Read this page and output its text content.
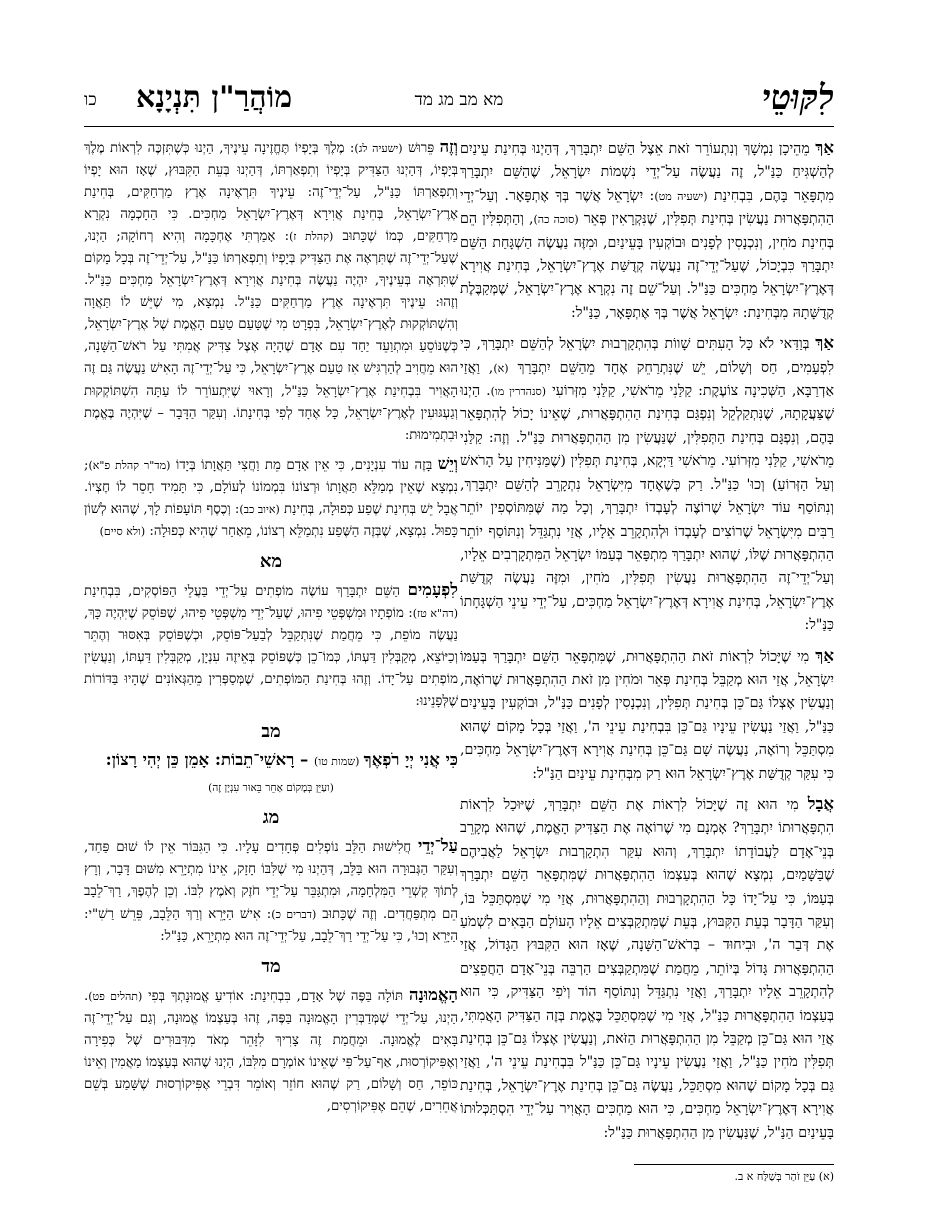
לִקּוּטֵי
מא מב מג מד
מוֹהֲרַ"ן תִּנְיָנָא
כו

אַךְ מֵהֵיכָן נִמְשָׁךְ וְנִתְעוֹרֵר זֹאת אֵצֶל הַשֵּׁם יִתְבָּרַךְ, דְּהַיְנוּ בְּחִינַת עֵינַיִם לְהַשְׁגִּיחַ כַּנַּ"ל, זֶה נַעֲשֶׂה עַל־יְדֵי נִשְׁמוֹת יִשְׂרָאֵל, שֶׁהַשֵּׁם יִתְבָּרַךְ מִתְפָּאֵר בָּהֶם, בִּבְחִינַת (ישעיה מט): יִשְׂרָאֵל אֲשֶׁר בְּךָ אֶתְפָּאָר. וְעַל־יְדֵי הַהִתְפָּאֲרוּת נַעֲשִׂין בְּחִינַת תְּפִלִּין, שֶׁנִּקְרָאִין פְּאֵר (סוכה כה), וְהַתְּפִלִּין הֵם בְּחִינַת מֹחִין, וְנִכְנָסִין לְפָנִים וּבוֹקְעִין בָּעֵינַיִם, וּמִזֶּה נַעֲשֶׂה הַשְׁגָּחַת הַשֵּׁם יִתְבָּרַךְ כִּבְיָכוֹל, שֶׁעַל־יְדֵי־זֶה נַעֲשֶׂה קְדֻשַּׁת אֶרֶץ־יִשְׂרָאֵל, בְּחִינַת אֲוִירָא דְּאֶרֶץ־יִשְׂרָאֵל מַחְכִּים כַּנַּ"ל. וְעַל־שֵׁם זֶה נִקְרָא אֶרֶץ־יִשְׂרָאֵל, שֶׁמְּקַבֶּלֶת קְדֻשָּׁתָהּ מִבְּחִינַת: יִשְׂרָאֵל אֲשֶׁר בְּךָ אֶתְפָּאָר, כַּנַּ"ל:

אַךְ בְּוַדַּאי לֹא כָּל הָעִתִּים שָׁווֹת בְּהִתְקָרְבוּת יִשְׂרָאֵל לְהַשֵּׁם יִתְבָּרַךְ, כִּי לִפְעָמִים, חַס וְשָׁלוֹם, יֵשׁ שֶׁנִּתְרַחֵק אֶחָד מֵהַשֵּׁם יִתְבָּרַךְ (א), וַאֲזַי אַדְרַבָּא, הַשְּׁכִינָה צוֹעֶקֶת: קַלַּנִי מֵרֹאשִׁי, קַלַּנִי מִזְּרוֹעִי (סנהדרין מו). הַיְנוּ שֶׁצַּעֲקָתָהּ, שֶׁנִּתְקַלְקֵל וְנִפְגַּם בְּחִינַת הַהִתְפָּאֲרוּת, שֶׁאֵינוֹ יָכוֹל לְהִתְפָּאֵר בָּהֶם, וְנִפְגָּם בְּחִינַת הַתְּפִלִּין, שֶׁנַּעֲשִׂין מִן הַהִתְפָּאֲרוּת כַּנַּ"ל. וְזֶה: קַלַּנִי מֵרֹאשִׁי, קַלַּנִי מִזְּרוֹעִי. מֵרֹאשִׁי דַּיְקָא, בְּחִינַת תְּפִלִּין (שֶׁמַּנִּיחִין עַל הָרֹאשׁ וְעַל הַזְּרוֹעַ) וְכוּ' כַּנַּ"ל. רַק כְּשֶׁאֶחָד מִיִּשְׂרָאֵל נִתְקָרֵב לְהַשֵּׁם יִתְבָּרַךְ, וְנִתּוֹסַף עוֹד יִשְׂרָאֵל שֶׁרוֹצֶה לְעָבְדוֹ יִתְבָּרַךְ, וְכָל מַה שֶּׁמִּתּוֹסְפִין יוֹתֵר רַבִּים מִיִּשְׂרָאֵל שֶׁרוֹצִים לְעָבְדוֹ וּלְהִתְקָרֵב אֵלָיו, אֲזַי נִתְגַּדֵּל וְנִתּוֹסַף יוֹתֵר הַהִתְפָּאֲרוּת שֶׁלּוֹ, שֶׁהוּא יִתְבָּרַךְ מִתְפָּאֵר בְּעַמּוֹ יִשְׂרָאֵל הַמִּתְקָרְבִים אֵלָיו, וְעַל־יְדֵי־זֶה הַהִתְפָּאֲרוּת נַעֲשִׂין תְּפִלִּין, מֹחִין, וּמִזֶּה נַעֲשֶׂה קְדֻשַּׁת אֶרֶץ־יִשְׂרָאֵל, בְּחִינַת אֲוִירָא דְּאֶרֶץ־יִשְׂרָאֵל מַחְכִּים, עַל־יְדֵי עֵינֵי הַשְׁגָּחָתוֹ כַּנַּ"ל:

אַךְ מִי שֶׁיָּכוֹל לִרְאוֹת זֹאת הַהִתְפָּאֲרוּת, שֶׁמִּתְפָּאֵר הַשֵּׁם יִתְבָּרַךְ בְּעַמּוֹ יִשְׂרָאֵל, אֲזַי הוּא מְקַבֵּל בְּחִינַת פְּאֵר וּמֹחִין מִן זֹאת הַהִתְפָּאֲרוּת שֶׁרוֹאֶה, וְנַעֲשִׂין אֶצְלוֹ גַּם־כֵּן בְּחִינַת תְּפִלִּין, וְנִכְנָסִין לְפָנִים כַּנַּ"ל, וּבוֹקְעִין בָּעֵינַיִם כַּנַּ"ל, וַאֲזַי נַעֲשִׂין עֵינָיו גַּם־כֵּן בִּבְחִינַת עֵינֵי ה', וַאֲזַי בְּכָל מָקוֹם שֶׁהוּא מִסְתַּכֵּל וְרוֹאֶה, נַעֲשֶׂה שָׁם גַּם־כֵּן בְּחִינַת אֲוִירָא דְּאֶרֶץ־יִשְׂרָאֵל מַחְכִּים, כִּי עִקַּר קְדֻשַּׁת אֶרֶץ־יִשְׂרָאֵל הוּא רַק מִבְּחִינַת עֵינַיִם הַנַּ"ל:

אֲבָל מִי הוּא זֶה שֶׁיָּכוֹל לִרְאוֹת אֶת הַשֵּׁם יִתְבָּרַךְ, שֶׁיּוּכַל לִרְאוֹת הִתְפָּאֲרוּתוֹ יִתְבָּרַךְ? אָמְנָם מִי שֶׁרוֹאֶה אֶת הַצַּדִּיק הָאֱמֶת, שֶׁהוּא מְקָרֵב בְּנֵי־אָדָם לַעֲבוֹדָתוֹ יִתְבָּרַךְ, וְהוּא עִקַּר הִתְקָרְבוּת יִשְׂרָאֵל לַאֲבִיהֶם שֶׁבַּשָּׁמַיִם, נִמְצָא שֶׁהוּא בְּעַצְמוֹ הַהִתְפָּאֲרוּת שֶׁמִּתְפָּאֵר הַשֵּׁם יִתְבָּרַךְ בְּעַמּוֹ, כִּי עַל־יָדוֹ כָּל הַהִתְקָרְבוּת וְהַהִתְפָּאֲרוּת, אֲזַי מִי שֶׁמִּסְתַּכֵּל בּוֹ, וְעִקַּר הַדָּבָר בְּעֵת הַקִּבּוּץ, בְּעֵת שֶׁמִּתְקַבְּצִים אֵלָיו הָעוֹלָם הַבָּאִים לִשְׁמֹעַ אֶת דְּבַר ה', וּבִיחוּד – בְּרֹאשׁ־הַשָּׁנָה, שֶׁאָז הוּא הַקִּבּוּץ הַגָּדוֹל, אֲזַי הַהִתְפָּאֲרוּת גָּדוֹל בְּיוֹתֵר, מֵחֲמַת שֶׁמִּתְקַבְּצִים הַרְבֵּה בְּנֵי־אָדָם הַחֲפֵצִים לְהִתְקָרֵב אֵלָיו יִתְבָּרַךְ, וַאֲזַי נִתְגַּדֵּל וְנִתּוֹסַף הוֹד וְיֹפִי הַצַּדִּיק, כִּי הוּא בְּעַצְמוֹ הַהִתְפָּאֲרוּת כַּנַּ"ל, אֲזַי מִי שֶׁמִּסְתַּכֵּל בֶּאֱמֶת בְּזֶה הַצַּדִּיק הָאֲמִתִּי, אֲזַי הוּא גַּם־כֵּן מְקַבֵּל מִן הַהִתְפָּאֲרוּת הַזֹּאת, וְנַעֲשִׂין אֶצְלוֹ גַּם־כֵּן בְּחִינַת תְּפִלִּין מֹחִין כַּנַּ"ל, וַאֲזַי נַעֲשִׂין עֵינָיו גַּם־כֵּן כַּנַּ"ל בִּבְחִינַת עֵינֵי ה', וַאֲזַי גַּם בְּכָל מָקוֹם שֶׁהוּא מִסְתַּכֵּל, נַעֲשֶׂה גַּם־כֵּן בְּחִינַת אֶרֶץ־יִשְׂרָאֵל, בְּחִינַת אֲוִירָא דְּאֶרֶץ־יִשְׂרָאֵל מַחְכִּים, כִּי הוּא מַחְכִּים הָאֲוִיר עַל־יְדֵי הִסְתַּכְּלוּתוֹ בָּעֵינַיִם הַנַּ"ל, שֶׁנַּעֲשִׂין מִן הַהִתְפָּאֲרוּת כַּנַּ"ל:

וְזֶה פֵּרוּשׁ (ישעיה לג): מֶלֶךְ בְּיָפְיוֹ תֶּחֱזֶינָה עֵינֶיךָ, הַיְנוּ כְּשֶׁתִּזְכֶּה לִרְאוֹת מֶלֶךְ בְּיָפְיוֹ, דְּהַיְנוּ הַצַּדִּיק בְּיָפְיוֹ וְתִפְאַרְתּוֹ, דְּהַיְנוּ בְּעֵת הַקִּבּוּץ, שֶׁאָז הוּא יָפְיוֹ וְתִפְאַרְתּוֹ כַּנַּ"ל, עַל־יְדֵי־זֶה: עֵינֶיךָ תִּרְאֶינָה אֶרֶץ מַרְחַקִּים, בְּחִינַת אֶרֶץ־יִשְׂרָאֵל, בְּחִינַת אֲוִירָא דְּאֶרֶץ־יִשְׂרָאֵל מַחְכִּים. כִּי הַחָכְמָה נִקְרָא מַרְחַקִּים, כְּמוֹ שֶׁכָּתוּב (קהלת ז): אָמַרְתִּי אֶחְכָּמָה וְהִיא רְחוֹקָה; הַיְנוּ, שֶׁעַל־יְדֵי־זֶה שֶׁתִּרְאֶה אֶת הַצַּדִּיק בְּיָפְיוֹ וְתִפְאַרְתּוֹ כַּנַּ"ל, עַל־יְדֵי־זֶה בְּכָל מָקוֹם שֶׁתִּרְאֶה בְּעֵינֶיךָ, יִהְיֶה נַעֲשֶׂה בְּחִינַת אֲוִירָא דְּאֶרֶץ־יִשְׂרָאֵל מַחְכִּים כַּנַּ"ל. וְזֶהוּ: עֵינֶיךָ תִּרְאֶינָה אֶרֶץ מַרְחַקִּים כַּנַּ"ל. נִמְצָא, מִי שֶׁיֵּשׁ לוֹ תַּאֲוָה וְהִשְׁתּוֹקְקוּת לְאֶרֶץ־יִשְׂרָאֵל, בִּפְרָט מִי שֶׁטָּעַם טַעַם הָאֱמֶת שֶׁל אֶרֶץ־יִשְׂרָאֵל, כְּשֶׁנּוֹסֵעַ וּמִתְוַעֵד יַחַד עִם אָדָם שֶׁהָיָה אֶצֶל צַדִּיק אֲמִתִּי עַל רֹאשׁ־הַשָּׁנָה, הוּא מֵחֲוִיב לְהַרְגִּישׁ אִז טַעַם אֶרֶץ־יִשְׂרָאֵל, כִּי עַל־יְדֵי־זֶה הָאִישׁ נַעֲשֶׂה גַּם זֶה הָאֲוִיר בִּבְחִינַת אֶרֶץ־יִשְׂרָאֵל כַּנַּ"ל, וְרָאוּי שֶׁיִּתְעוֹרֵר לוֹ עַתָּה הִשְׁתּוֹקְקוּת וְגַעְגּוּעִין לְאֶרֶץ־יִשְׂרָאֵל, כָּל אֶחָד לְפִי בְּחִינָתוֹ. וְעִקַּר הַדָּבָר – שֶׁיִּהְיֶה בֶּאֱמֶת וּבִתְמִימוּת:

וְיֵשׁ בָּזֶה עוֹד עִנְיָנִים, כִּי אֵין אָדָם מֵת וַחֲצִי תַּאֲוָתוֹ בְּיָדוֹ (מד"ר קהלת פ"א); נִמְצָא שֶׁאֵין מְמַלֵּא תַּאֲוָתוֹ וּרְצוֹנוֹ בִּמְמוֹנוֹ לְעוֹלָם, כִּי תָּמִיד חָסֵר לוֹ חֶצְיוֹ. אֲבָל יֵשׁ בְּחִינַת שֶׁפַע כְּפוּלָה, בְּחִינַת (איוב כב): וְכֶסֶף תּוֹעָפוֹת לָךְ, שֶׁהוּא לְשׁוֹן כָּפוּל. נִמְצָא, שֶׁבְּזֶה הַשֶּׁפַע נִתְמַלֵּא רְצוֹנוֹ, מֵאַחַר שֶׁהִיא כְּפוּלָה: (ולא סיים)

מא

לִפְעָמִים הַשֵּׁם יִתְבָּרַךְ עוֹשֶׂה מוֹפְתִים עַל־יְדֵי בַּעֲלֵי הַפּוֹסְקִים, בִּבְחִינַת (דה"א טז): מוֹפְתָיו וּמִשְׁפְּטֵי פִיהוּ, שֶׁעַל־יְדֵי מִשְׁפְּטֵי פִיהוּ, שֶׁפּוֹסֵק שֶׁיִּהְיֶה כָּךְ, נַעֲשֶׂה מוֹפֵת, כִּי מֵחֲמַת שֶׁנִּתְקַבֵּל לְבַעַל־פּוֹסֵק, וּכְשֶׁפּוֹסֵק בְּאִסּוּר וְהֶתֵּר וְכַיּוֹצֵא, מְקַבְּלִין דַּעְתּוֹ, כְּמוֹ־כֵן כְּשֶׁפּוֹסֵק בְּאֵיזֶה עִנְיָן, מְקַבְּלִין דַּעְתּוֹ, וְנַעֲשִׂין מוֹפְתִים עַל־יָדוֹ. וְזֶהוּ בְּחִינַת הַמּוֹפְתִים, שֶׁמְּסַפְּרִין מֵהַגְּאוֹנִים שֶׁהָיוּ בַּדּוֹרוֹת שֶׁלְּפָנֵינוּ:

מב

כִּי אֲנִי יְיָ רֹפְאֶךָ (שמות טו) – רָאשֵׁי־תֵבוֹת: אָמֵן כֵּן יְהִי רָצוֹן:

(ועַיֵּן בְּמָקוֹם אַחֵר בֵּאוּר עִנְיָן זֶה)
מג

עַל־יְדֵי חֲלִישׁוּת הַלֵּב נוֹפְלִים פְּחָדִים עָלָיו. כִּי הַגִּבּוֹר אֵין לוֹ שׁוּם פַּחַד, וְעִקַּר הַגְּבוּרָה הוּא בַּלֵּב, דְּהַיְנוּ מִי שֶׁלִּבּוֹ חָזָק, אֵינוֹ מִתְיָרֵא מִשּׁוּם דָּבָר, וְרָץ לְתוֹךְ קִשְׁרֵי הַמִּלְחָמָה, וּמִתְגַּבֵּר עַל־יְדֵי חֹזֶק וְאֹמֶץ לִבּוֹ. וְכֵן לְהֶפֶךְ, רַךְ־לֵבָב הֵם מִתְפַּחֲדִים. וְזֶה שֶׁכָּתוּב (דברים כ): אִישׁ הַיָּרֵא וְרַךְ הַלֵּבָב, פֵּרֵשׁ רַשִׁ"י: הַיָּרֵא וְכוּ', כִּי עַל־יְדֵי רַךְ־לֵבָב, עַל־יְדֵי־זֶה הוּא מִתְיָרֵא, כַּנַּ"ל:

מד

הָאֱמוּנָה תּוֹלָה בַּפֶּה שֶׁל אָדָם, בִּבְחִינַת: אוֹדִיעַ אֱמוּנָתְךָ בְּפִי (תהלים פט). הַיְנוּ, עַל־יְדֵי שֶׁמְּדַבְּרִין הָאֱמוּנָה בַּפֶּה, זֶהוּ בְּעַצְמוֹ אֱמוּנָה, וְגַם עַל־יְדֵי־זֶה בָּאִים לֶאֱמוּנָה. וּמֵחֲמַת זֶה צָרִיךְ לִזָּהֵר מְאֹד מִדִּבּוּרִים שֶׁל כְּפִירָה וְאֶפִּיקוֹרְסוּת, אַף־עַל־פִּי שֶׁאֵינוֹ אוֹמְרָם מִלִּבּוֹ, הַיְנוּ שֶׁהוּא בְּעַצְמוֹ מַאֲמִין וְאֵינוֹ כּוֹפֵר, חַס וְשָׁלוֹם, רַק שֶׁהוּא חוֹזֵר וְאוֹמֵר דִּבְרֵי אֶפִּיקוֹרְסוּת שֶׁשָּׁמַע בְּשֵׁם אֲחֵרִים, שֶׁהֵם אֶפִּיקוֹרְסִים,

(א) עַיֵּן זֹהַר בְּשַׁלַּח א ב.
